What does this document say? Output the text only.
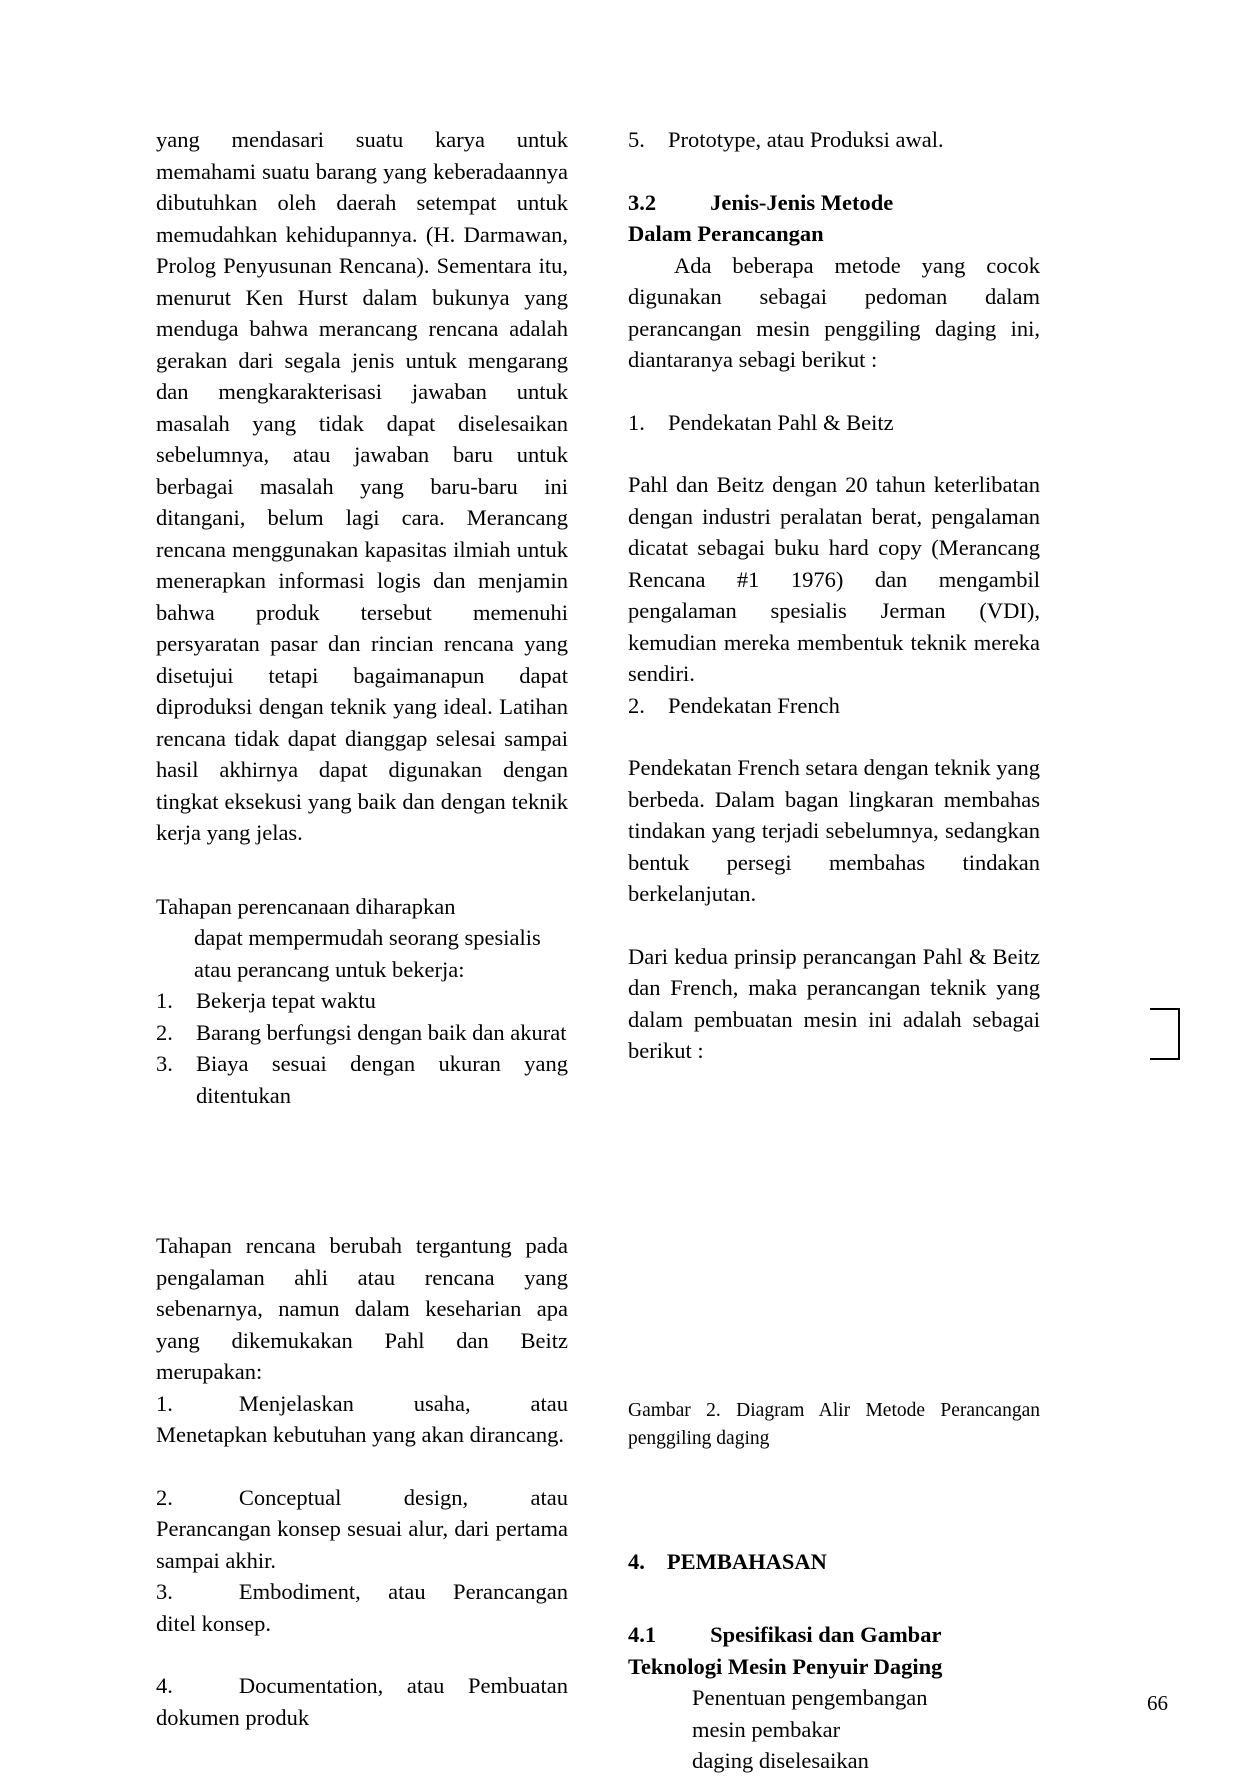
yang mendasari suatu karya untuk memahami suatu barang yang keberadaannya dibutuhkan oleh daerah setempat untuk memudahkan kehidupannya. (H. Darmawan, Prolog Penyusunan Rencana). Sementara itu, menurut Ken Hurst dalam bukunya yang menduga bahwa merancang rencana adalah gerakan dari segala jenis untuk mengarang dan mengkarakterisasi jawaban untuk masalah yang tidak dapat diselesaikan sebelumnya, atau jawaban baru untuk berbagai masalah yang baru-baru ini ditangani, belum lagi cara. Merancang rencana menggunakan kapasitas ilmiah untuk menerapkan informasi logis dan menjamin bahwa produk tersebut memenuhi persyaratan pasar dan rincian rencana yang disetujui tetapi bagaimanapun dapat diproduksi dengan teknik yang ideal. Latihan rencana tidak dapat dianggap selesai sampai hasil akhirnya dapat digunakan dengan tingkat eksekusi yang baik dan dengan teknik kerja yang jelas.

Tahapan perencanaan diharapkan
dapat mempermudah seorang spesialis
atau perancang untuk bekerja:
1.	Bekerja tepat waktu
2.	Barang berfungsi dengan baik dan akurat
3.	Biaya sesuai dengan ukuran yang ditentukan

Tahapan rencana berubah tergantung pada pengalaman ahli atau rencana yang sebenarnya, namun dalam keseharian apa yang dikemukakan Pahl dan Beitz merupakan:

1.	Menjelaskan usaha, atau Menetapkan kebutuhan yang akan dirancang.
2.	Conceptual design, atau Perancangan konsep sesuai alur, dari pertama sampai akhir.
3.	Embodiment, atau Perancangan ditel konsep.
4.	Documentation, atau Pembuatan dokumen produk
5.	Prototype, atau Produksi awal.
3.2 Jenis-Jenis Metode
Dalam Perancangan

Ada beberapa metode yang cocok digunakan sebagai pedoman dalam perancangan mesin penggiling daging ini, diantaranya sebagi berikut :

1.	Pendekatan Pahl & Beitz

Pahl dan Beitz dengan 20 tahun keterlibatan dengan industri peralatan berat, pengalaman dicatat sebagai buku hard copy (Merancang Rencana #1 1976) dan mengambil pengalaman spesialis Jerman (VDI), kemudian mereka membentuk teknik mereka sendiri.

2.	Pendekatan French

Pendekatan French setara dengan teknik yang berbeda. Dalam bagan lingkaran membahas tindakan yang terjadi sebelumnya, sedangkan bentuk persegi membahas tindakan berkelanjutan.

Dari kedua prinsip perancangan Pahl & Beitz dan French, maka perancangan teknik yang dalam pembuatan mesin ini adalah sebagai berikut :

Gambar 2. Diagram Alir Metode Perancangan penggiling daging

4. PEMBAHASAN
4.1 Spesifikasi dan Gambar
Teknologi Mesin Penyuir Daging
Penentuan pengembangan
mesin pembakar
daging diselesaikan
66
